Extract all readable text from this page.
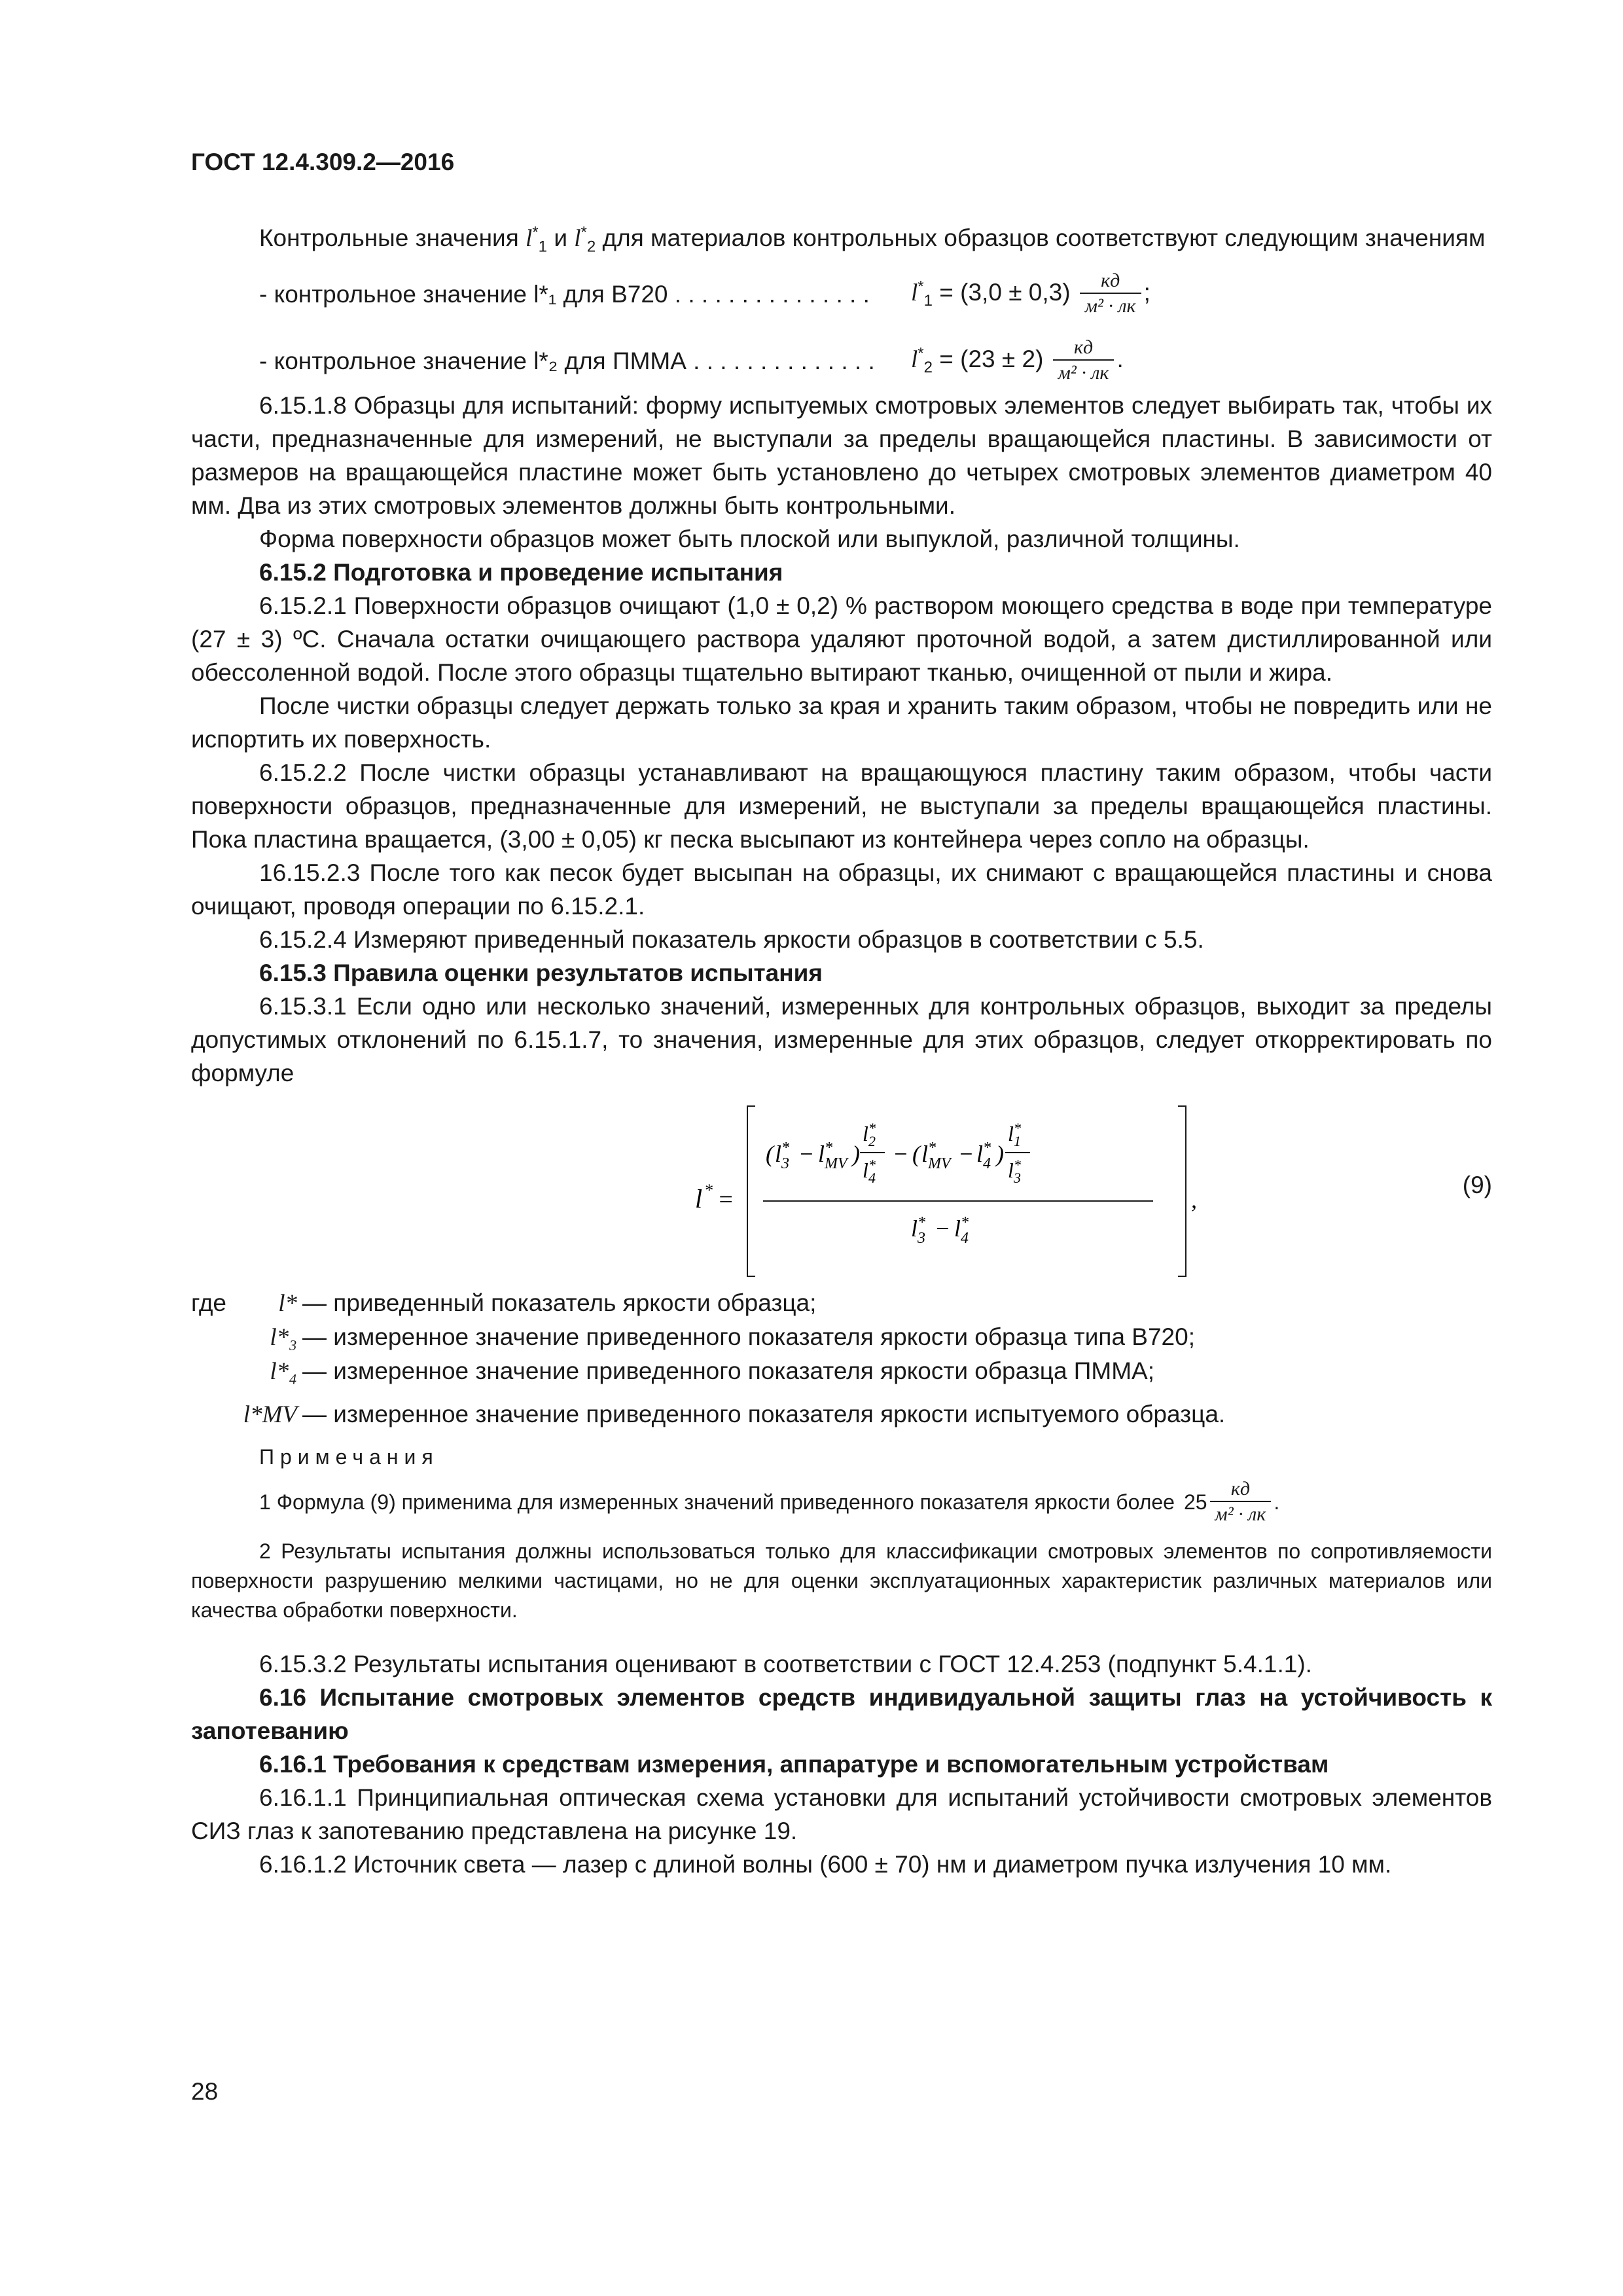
ГОСТ 12.4.309.2—2016

Контрольные значения $l^*_1$ и $l^*_2$ для материалов контрольных образцов соответствуют следующим значениям

- контрольное значение l*₁ для B720 . . . . . . . . . . . . . . .	$l^*_1 = (3,0 \pm 0,3) \frac{кд}{\text{м² · лк}}$ ;
- контрольное значение l*₂ для ПММА . . . . . . . . . . . . . .	$l^*_2 = (23 \pm 2) \frac{кд}{\text{м² · лк}}$ .

6.15.1.8 Образцы для испытаний: форму испытуемых смотровых элементов следует выбирать так, чтобы их части, предназначенные для измерений, не выступали за пределы вращающейся пластины. В зависимости от размеров на вращающейся пластине может быть установлено до четырех смотровых элементов диаметром 40 мм. Два из этих смотровых элементов должны быть контрольными.

Форма поверхности образцов может быть плоской или выпуклой, различной толщины.

6.15.2 Подготовка и проведение испытания

6.15.2.1 Поверхности образцов очищают (1,0 ± 0,2) % раствором моющего средства в воде при температуре (27 ± 3) ºC. Сначала остатки очищающего раствора удаляют проточной водой, а затем дистиллированной или обессоленной водой. После этого образцы тщательно вытирают тканью, очищенной от пыли и жира.

После чистки образцы следует держать только за края и хранить таким образом, чтобы не повредить или не испортить их поверхность.

6.15.2.2 После чистки образцы устанавливают на вращающуюся пластину таким образом, чтобы части поверхности образцов, предназначенные для измерений, не выступали за пределы вращающейся пластины. Пока пластина вращается, (3,00 ± 0,05) кг песка высыпают из контейнера через сопло на образцы.

16.15.2.3 После того как песок будет высыпан на образцы, их снимают с вращающейся пластины и снова очищают, проводя операции по 6.15.2.1.

6.15.2.4 Измеряют приведенный показатель яркости образцов в соответствии с 5.5.

6.15.3 Правила оценки результатов испытания

6.15.3.1 Если одно или несколько значений, измеренных для контрольных образцов, выходит за пределы допустимых отклонений по 6.15.1.7, то значения, измеренные для этих образцов, следует откорректировать по формуле

l * =
( l *
3 − l *
MV )
l *
2
l *
4
− ( l *
MV − l *
4 )
l *
1
l *
3
l *
3 − l *
4
,
(9)
где	l* — приведенный показатель яркости образца;
l*₃ — измеренное значение приведенного показателя яркости образца типа B720;
l*₄ — измеренное значение приведенного показателя яркости образца ПММА;
l*MV — измеренное значение приведенного показателя яркости испытуемого образца.
Примечания
1 Формула (9) применима для измеренных значений приведенного показателя яркости более $25 \frac{кд}{\text{м² · лк}}$ .

2 Результаты испытания должны использоваться только для классификации смотровых элементов по сопротивляемости поверхности разрушению мелкими частицами, но не для оценки эксплуатационных характеристик различных материалов или качества обработки поверхности.

6.15.3.2 Результаты испытания оценивают в соответствии с ГОСТ 12.4.253 (подпункт 5.4.1.1).

6.16 Испытание смотровых элементов средств индивидуальной защиты глаз на устойчивость к запотеванию

6.16.1 Требования к средствам измерения, аппаратуре и вспомогательным устройствам

6.16.1.1 Принципиальная оптическая схема установки для испытаний устойчивости смотровых элементов СИЗ глаз к запотеванию представлена на рисунке 19.

6.16.1.2 Источник света — лазер с длиной волны (600 ± 70) нм и диаметром пучка излучения 10 мм.

28
